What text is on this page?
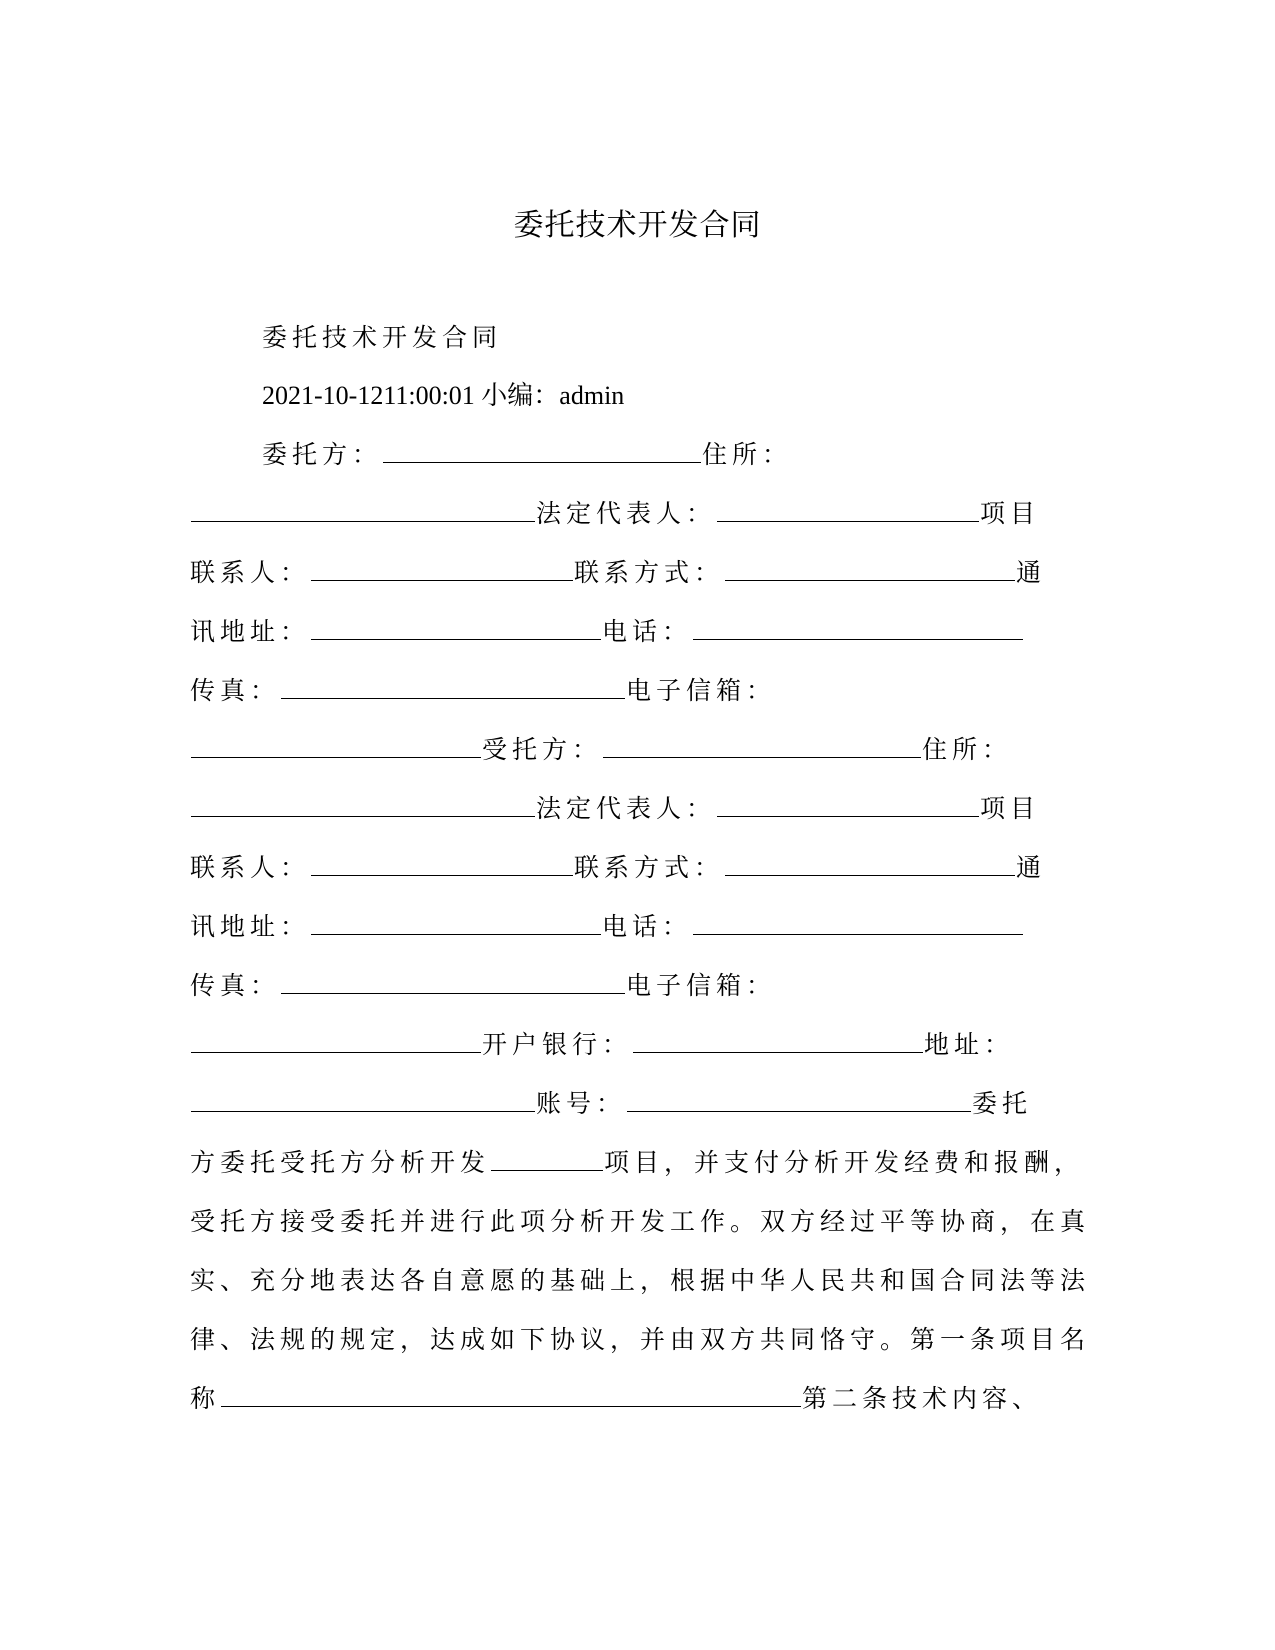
委托技术开发合同
委托技术开发合同
2021-10-1211:00:01 小编：admin
委托方：	住所：
法定代表人：	项目
联系人：	联系方式：	通
讯地址：	电话：
传真：	电子信箱：
受托方：	住所：
法定代表人：	项目
联系人：	联系方式：	通
讯地址：	电话：
传真：	电子信箱：
开户银行：	地址：
账号：	委托
方委托受托方分析开发	项目，并支付分析开发经费和报酬，
受托方接受委托并进行此项分析开发工作。双方经过平等协商，在真
实、充分地表达各自意愿的基础上，根据中华人民共和国合同法等法
律、法规的规定，达成如下协议，并由双方共同恪守。第一条项目名
称	第二条技术内容、
